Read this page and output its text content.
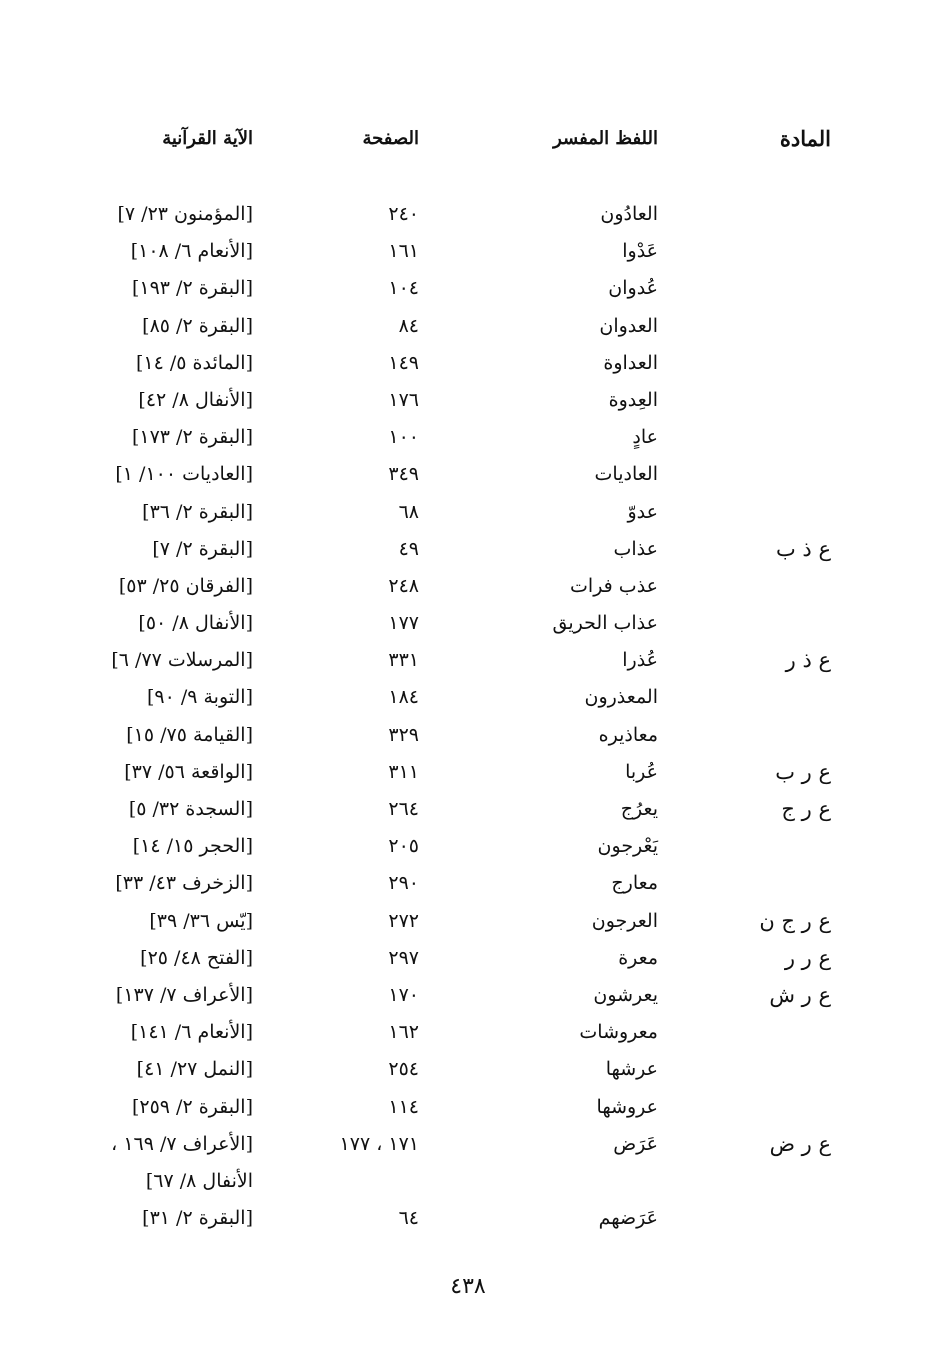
المادة
اللفظ المفسر
الصفحة
الآية القرآنية
العادُون
٢٤٠
[المؤمنون ٢٣/ ٧]
عَدْوا
١٦١
[الأنعام ٦/ ١٠٨]
عُدوان
١٠٤
[البقرة ٢/ ١٩٣]
العدوان
٨٤
[البقرة ٢/ ٨٥]
العداوة
١٤٩
[المائدة ٥/ ١٤]
العِدوة
١٧٦
[الأنفال ٨/ ٤٢]
عادٍ
١٠٠
[البقرة ٢/ ١٧٣]
العاديات
٣٤٩
[العاديات ١٠٠/ ١]
عدوّ
٦٨
[البقرة ٢/ ٣٦]
ع ذ ب
عذاب
٤٩
[البقرة ٢/ ٧]
عذب فرات
٢٤٨
[الفرقان ٢٥/ ٥٣]
عذاب الحريق
١٧٧
[الأنفال ٨/ ٥٠]
ع ذ ر
عُذرا
٣٣١
[المرسلات ٧٧/ ٦]
المعذرون
١٨٤
[التوبة ٩/ ٩٠]
معاذيره
٣٢٩
[القيامة ٧٥/ ١٥]
ع ر ب
عُربا
٣١١
[الواقعة ٥٦/ ٣٧]
ع ر ج
يعرُج
٢٦٤
[السجدة ٣٢/ ٥]
يَعْرجون
٢٠٥
[الحجر ١٥/ ١٤]
معارج
٢٩٠
[الزخرف ٤٣/ ٣٣]
ع ر ج ن
العرجون
٢٧٢
[يّس ٣٦/ ٣٩]
ع ر ر
معرة
٢٩٧
[الفتح ٤٨/ ٢٥]
ع ر ش
يعرشون
١٧٠
[الأعراف ٧/ ١٣٧]
معروشات
١٦٢
[الأنعام ٦/ ١٤١]
عرشها
٢٥٤
[النمل ٢٧/ ٤١]
عروشها
١١٤
[البقرة ٢/ ٢٥٩]
ع ر ض
عَرَض
١٧١ ، ١٧٧
[الأعراف ٧/ ١٦٩ ،
الأنفال ٨/ ٦٧]
عَرَضهم
٦٤
[البقرة ٢/ ٣١]
٤٣٨
